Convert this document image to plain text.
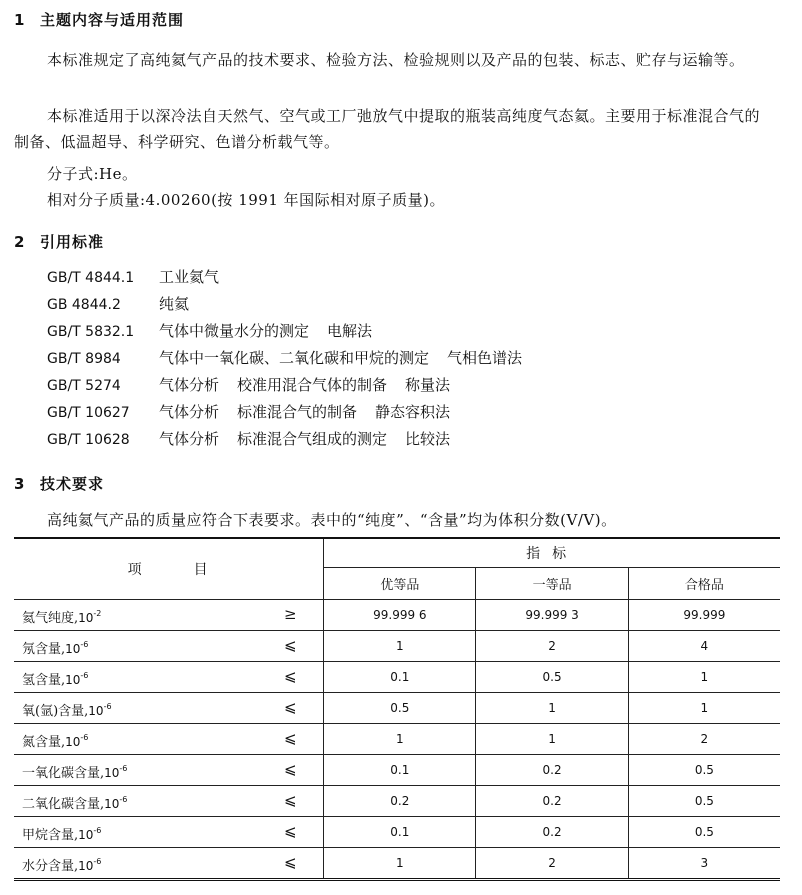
1 主题内容与适用范围
本标准规定了高纯氦气产品的技术要求、检验方法、检验规则以及产品的包装、标志、贮存与运输等。
本标准适用于以深冷法自天然气、空气或工厂弛放气中提取的瓶装高纯度气态氦。主要用于标准混合气的制备、低温超导、科学研究、色谱分析载气等。
分子式:He。
相对分子质量:4.00260(按 1991 年国际相对原子质量)。
2 引用标准
GB/T 4844.1 工业氦气
GB 4844.2	纯氦
GB/T 5832.1 气体中微量水分的测定 电解法
GB/T 8984	气体中一氧化碳、二氧化碳和甲烷的测定 气相色谱法
GB/T 5274	气体分析 校准用混合气体的制备 称量法
GB/T 10627 气体分析 标准混合气的制备 静态容积法
GB/T 10628 气体分析 标准混合气组成的测定 比较法
3 技术要求
高纯氦气产品的质量应符合下表要求。表中的“纯度”、“含量”均为体积分数(V/V)。
项 目	指标		
	优等品	一等品	合格品

氦气纯度$,10^{-2}$ ≥	99.999 6	99.999 3	99.999

氖含量$,10^{-6}$ ⩽	1	2	4

氢含量$,10^{-6}$ ⩽	0.1	0.5	1

氧(氩)含量$,10^{-6}$ ⩽	0.5	1	1

氮含量$,10^{-6}$ ⩽	1	1	2

一氧化碳含量$,10^{-6}$ ⩽	0.1	0.2	0.5

二氧化碳含量$,10^{-6}$ ⩽	0.2	0.2	0.5

甲烷含量$,10^{-6}$ ⩽	0.1	0.2	0.5

水分含量$,10^{-6}$ ⩽	1	2	3
